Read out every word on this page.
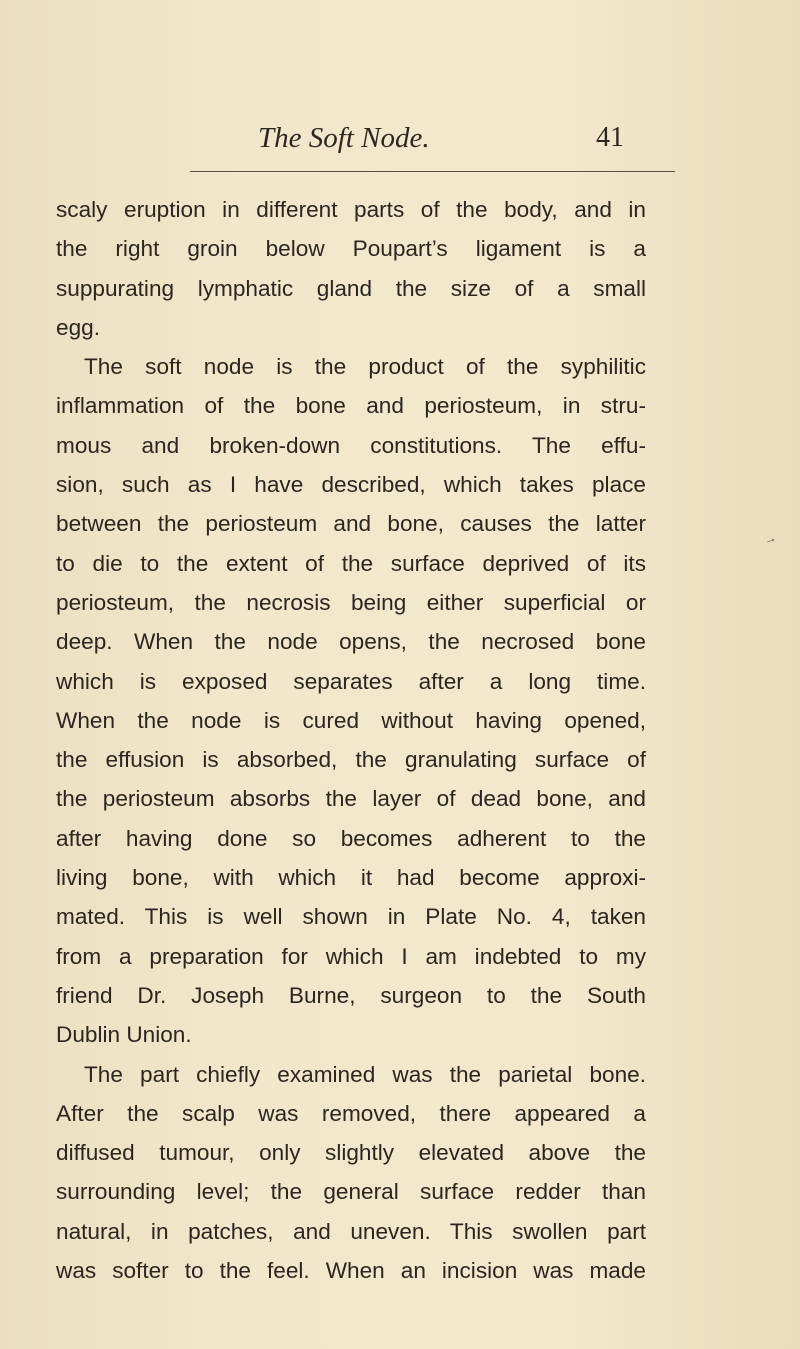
The Soft Node.	41
scaly eruption in different parts of the body, and in
the right groin below Poupart’s ligament is a
suppurating lymphatic gland the size of a small
egg.
The soft node is the product of the syphilitic
inflammation of the bone and periosteum, in stru-
mous and broken-down constitutions. The effu-
sion, such as I have described, which takes place
between the periosteum and bone, causes the latter
to die to the extent of the surface deprived of its
periosteum, the necrosis being either superficial or
deep. When the node opens, the necrosed bone
which is exposed separates after a long time.
When the node is cured without having opened,
the effusion is absorbed, the granulating surface of
the periosteum absorbs the layer of dead bone, and
after having done so becomes adherent to the
living bone, with which it had become approxi-
mated. This is well shown in Plate No. 4, taken
from a preparation for which I am indebted to my
friend Dr. Joseph Burne, surgeon to the South
Dublin Union.
The part chiefly examined was the parietal bone.
After the scalp was removed, there appeared a
diffused tumour, only slightly elevated above the
surrounding level; the general surface redder than
natural, in patches, and uneven. This swollen part
was softer to the feel. When an incision was made
→
